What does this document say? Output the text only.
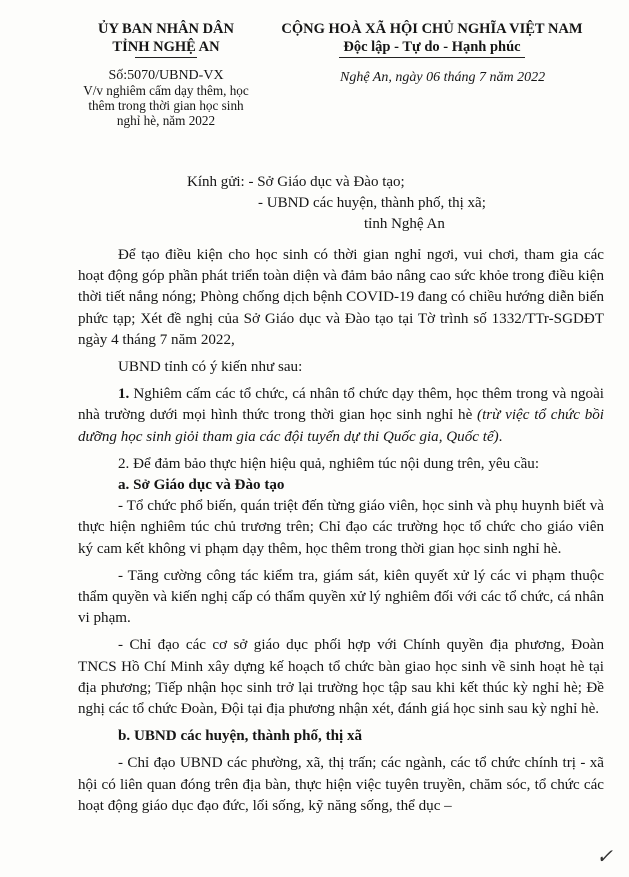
ỦY BAN NHÂN DÂN
TỈNH NGHỆ AN
CỘNG HOÀ XÃ HỘI CHỦ NGHĨA VIỆT NAM
Độc lập - Tự do - Hạnh phúc
Số:5070/UBND-VX
V/v nghiêm cấm dạy thêm, học
thêm trong thời gian học sinh
nghỉ hè, năm 2022
Nghệ An, ngày 06 tháng 7 năm 2022
Kính gửi: - Sở Giáo dục và Đào tạo;
- UBND các huyện, thành phố, thị xã;
tỉnh Nghệ An

Để tạo điều kiện cho học sinh có thời gian nghỉ ngơi, vui chơi, tham gia các hoạt động góp phần phát triển toàn diện và đảm bảo nâng cao sức khỏe trong điều kiện thời tiết nắng nóng; Phòng chống dịch bệnh COVID-19 đang có chiều hướng diễn biến phức tạp; Xét đề nghị của Sở Giáo dục và Đào tạo tại Tờ trình số 1332/TTr-SGDĐT ngày 4 tháng 7 năm 2022,

UBND tỉnh có ý kiến như sau:

1. Nghiêm cấm các tổ chức, cá nhân tổ chức dạy thêm, học thêm trong và ngoài nhà trường dưới mọi hình thức trong thời gian học sinh nghỉ hè (trừ việc tổ chức bồi dưỡng học sinh giỏi tham gia các đội tuyển dự thi Quốc gia, Quốc tế).

2. Để đảm bảo thực hiện hiệu quả, nghiêm túc nội dung trên, yêu cầu:

a. Sở Giáo dục và Đào tạo

- Tổ chức phổ biến, quán triệt đến từng giáo viên, học sinh và phụ huynh biết và thực hiện nghiêm túc chủ trương trên; Chỉ đạo các trường học tổ chức cho giáo viên ký cam kết không vi phạm dạy thêm, học thêm trong thời gian học sinh nghỉ hè.

- Tăng cường công tác kiểm tra, giám sát, kiên quyết xử lý các vi phạm thuộc thẩm quyền và kiến nghị cấp có thẩm quyền xử lý nghiêm đối với các tổ chức, cá nhân vi phạm.

- Chỉ đạo các cơ sở giáo dục phối hợp với Chính quyền địa phương, Đoàn TNCS Hồ Chí Minh xây dựng kế hoạch tổ chức bàn giao học sinh về sinh hoạt hè tại địa phương; Tiếp nhận học sinh trở lại trường học tập sau khi kết thúc kỳ nghỉ hè; Đề nghị các tổ chức Đoàn, Đội tại địa phương nhận xét, đánh giá học sinh sau kỳ nghỉ hè.

b. UBND các huyện, thành phố, thị xã

- Chỉ đạo UBND các phường, xã, thị trấn; các ngành, các tổ chức chính trị - xã hội có liên quan đóng trên địa bàn, thực hiện việc tuyên truyền, chăm sóc, tổ chức các hoạt động giáo dục đạo đức, lối sống, kỹ năng sống, thể dục –

✓
